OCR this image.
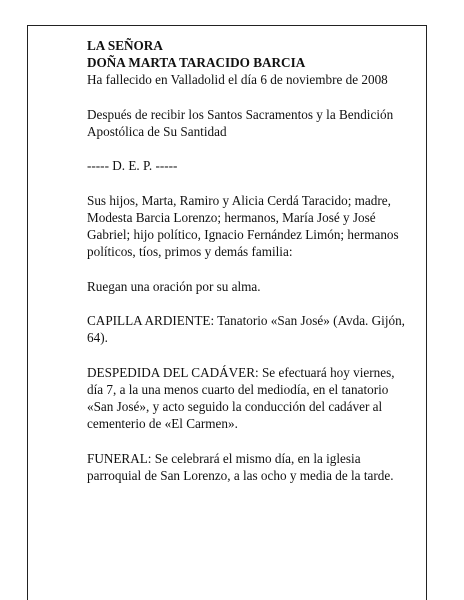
LA SEÑORA

DOÑA MARTA TARACIDO BARCIA

Ha fallecido en Valladolid el día 6 de noviembre de 2008

Después de recibir los Santos Sacramentos y la Bendición Apostólica de Su Santidad

----- D. E. P. -----

Sus hijos, Marta, Ramiro y Alicia Cerdá Taracido; madre, Modesta Barcia Lorenzo; hermanos, María José y José Gabriel; hijo político, Ignacio Fernández Limón; hermanos políticos, tíos, primos y demás familia:

Ruegan una oración por su alma.

CAPILLA ARDIENTE: Tanatorio «San José» (Avda. Gijón, 64).

DESPEDIDA DEL CADÁVER: Se efectuará hoy viernes, día 7, a la una menos cuarto del mediodía, en el tanatorio «San José», y acto seguido la conducción del cadáver al cementerio de «El Carmen».

FUNERAL: Se celebrará el mismo día, en la iglesia parroquial de San Lorenzo, a las ocho y media de la tarde.
